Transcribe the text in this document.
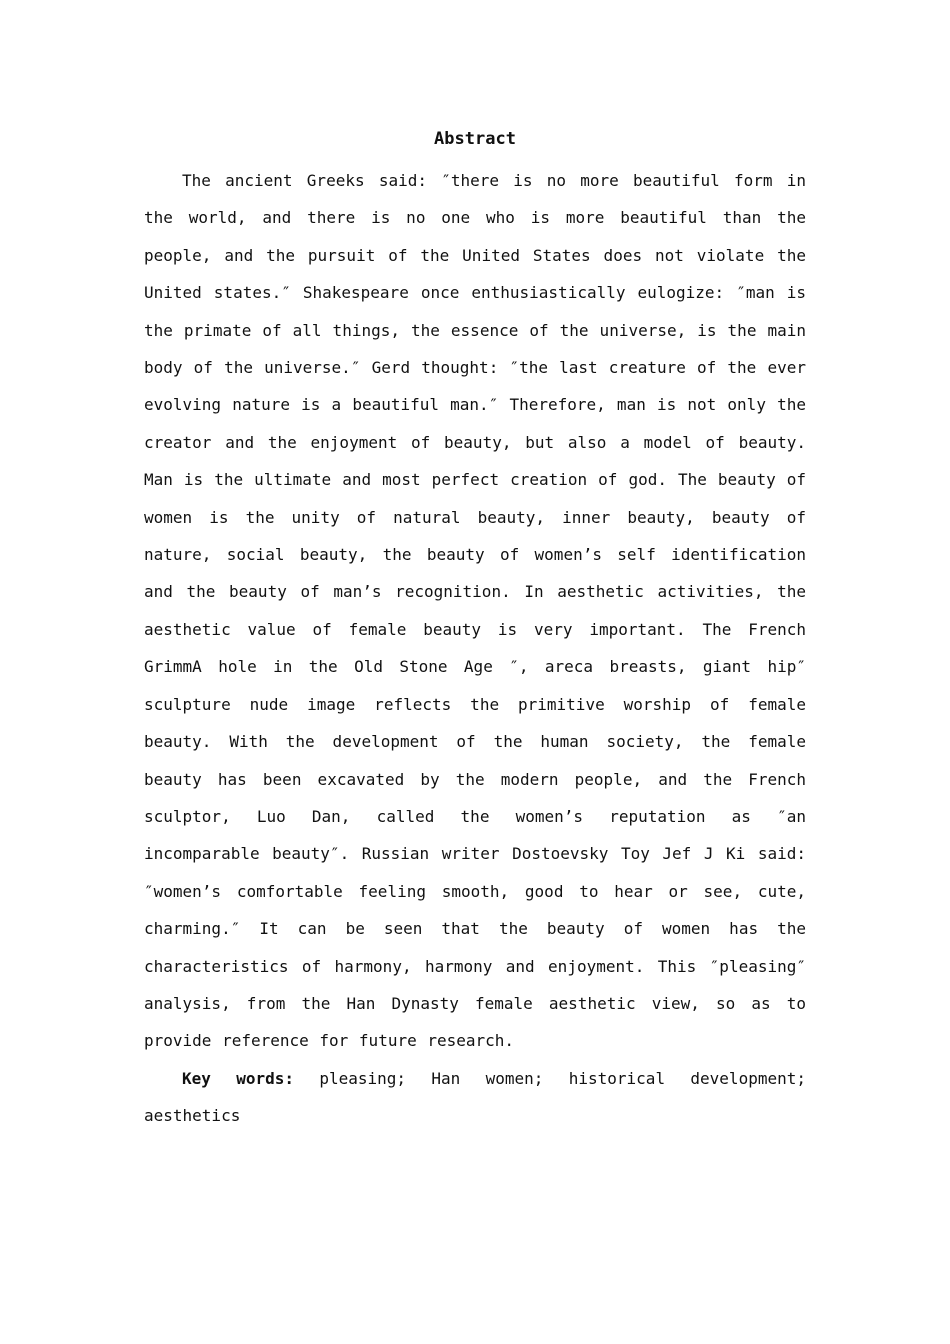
Abstract

The ancient Greeks said: ″there is no more beautiful form in the world, and there is no one who is more beautiful than the people, and the pursuit of the United States does not violate the United states.″ Shakespeare once enthusiastically eulogize: ″man is the primate of all things, the essence of the universe, is the main body of the universe.″ Gerd thought: ″the last creature of the ever evolving nature is a beautiful man.″ Therefore, man is not only the creator and the enjoyment of beauty, but also a model of beauty. Man is the ultimate and most perfect creation of god. The beauty of women is the unity of natural beauty, inner beauty, beauty of nature, social beauty, the beauty of women’s self identification and the beauty of man’s recognition. In aesthetic activities, the aesthetic value of female beauty is very important. The French GrimmA hole in the Old Stone Age ″, areca breasts, giant hip″ sculpture nude image reflects the primitive worship of female beauty. With the development of the human society, the female beauty has been excavated by the modern people, and the French sculptor, Luo Dan, called the women’s reputation as ″an incomparable beauty″. Russian writer Dostoevsky Toy Jef J Ki said: ″women’s comfortable feeling smooth, good to hear or see, cute, charming.″ It can be seen that the beauty of women has the characteristics of harmony, harmony and enjoyment. This ″pleasing″ analysis, from the Han Dynasty female aesthetic view, so as to provide reference for future research.

Key words: pleasing; Han women; historical development; aesthetics
